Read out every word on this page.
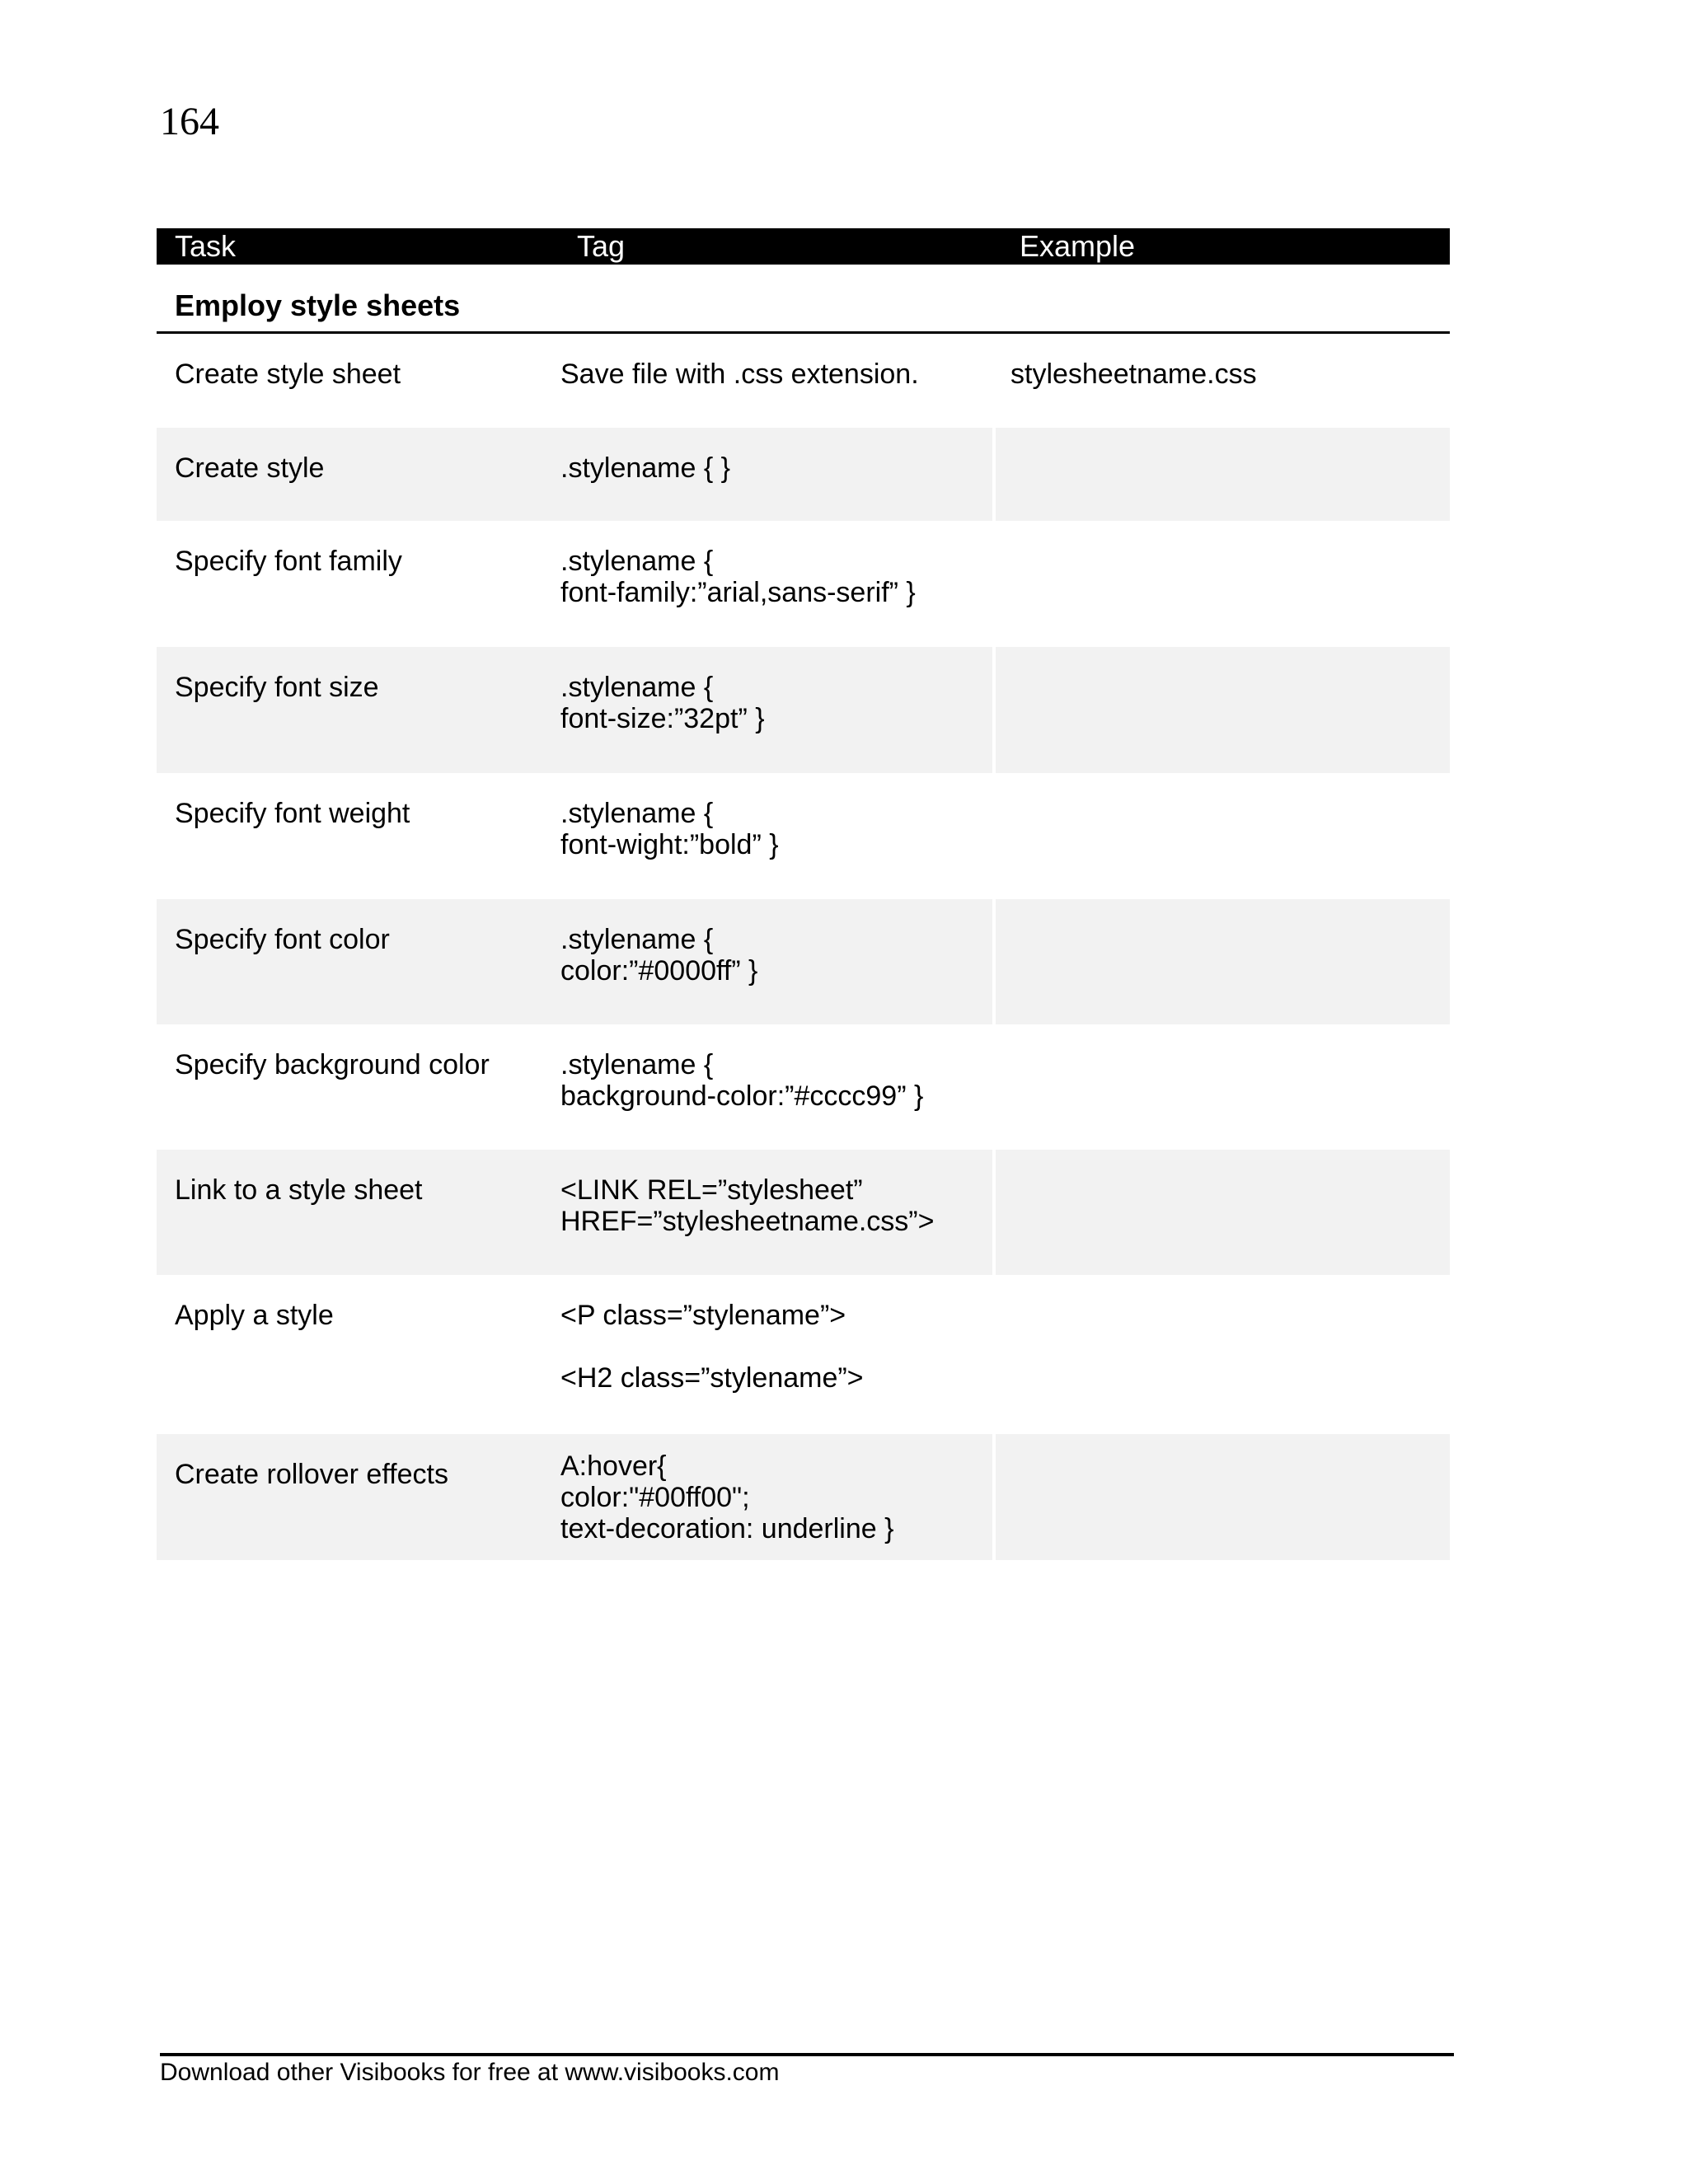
164
Task	Tag	Example
Employ style sheets
Create style sheet	Save file with .css extension.	stylesheetname.css
Create style	.stylename { }
Specify font family	.stylename {
font-family:”arial,sans-serif” }
Specify font size	.stylename {
font-size:”32pt” }
Specify font weight	.stylename {
font-wight:”bold” }
Specify font color	.stylename {
color:”#0000ff” }
Specify background color	.stylename {
background-color:”#cccc99” }
Link to a style sheet	<LINK REL=”stylesheet”
HREF=”stylesheetname.css”>
Apply a style	<P class=”stylename”>
<H2 class=”stylename”>
Create rollover effects	A:hover{
color:"#00ff00";
text-decoration: underline }
Download other Visibooks for free at www.visibooks.com
